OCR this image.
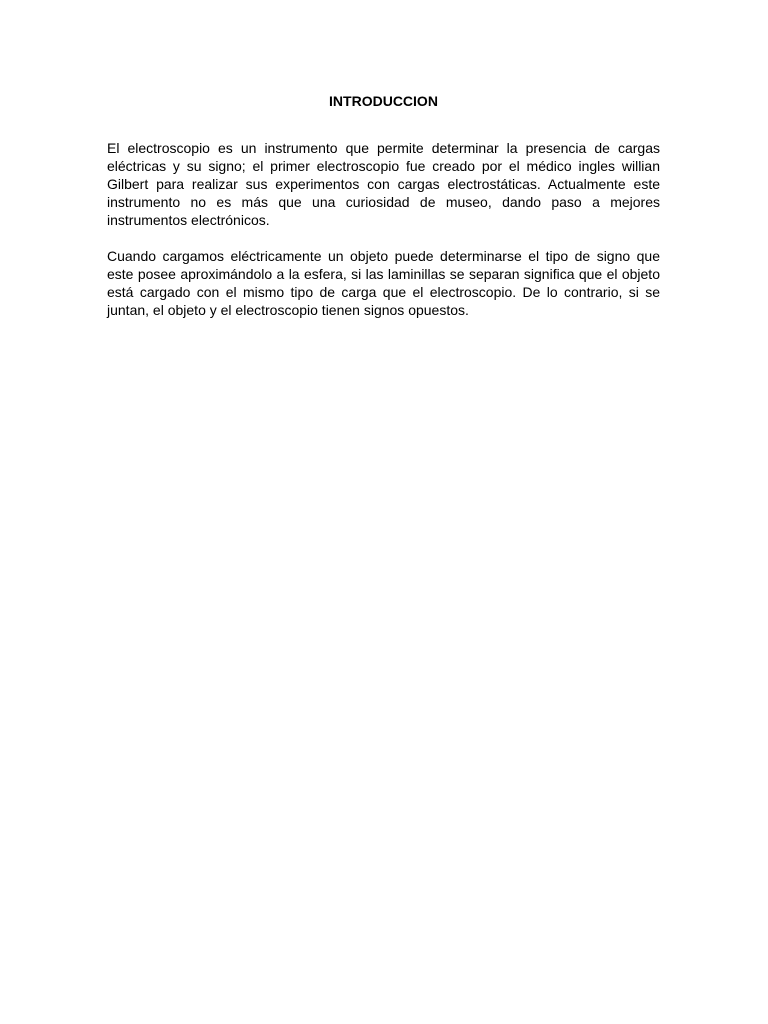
INTRODUCCION

El electroscopio es un instrumento que permite determinar la presencia de cargas eléctricas y su signo; el primer electroscopio fue creado por el médico ingles willian Gilbert para realizar sus experimentos con cargas electrostáticas. Actualmente este instrumento no es más que una curiosidad de museo, dando paso a mejores instrumentos electrónicos.

Cuando cargamos eléctricamente un objeto puede determinarse el tipo de signo que este posee aproximándolo a la esfera, si las laminillas se separan significa que el objeto está cargado con el mismo tipo de carga que el electroscopio. De lo contrario, si se juntan, el objeto y el electroscopio tienen signos opuestos.
